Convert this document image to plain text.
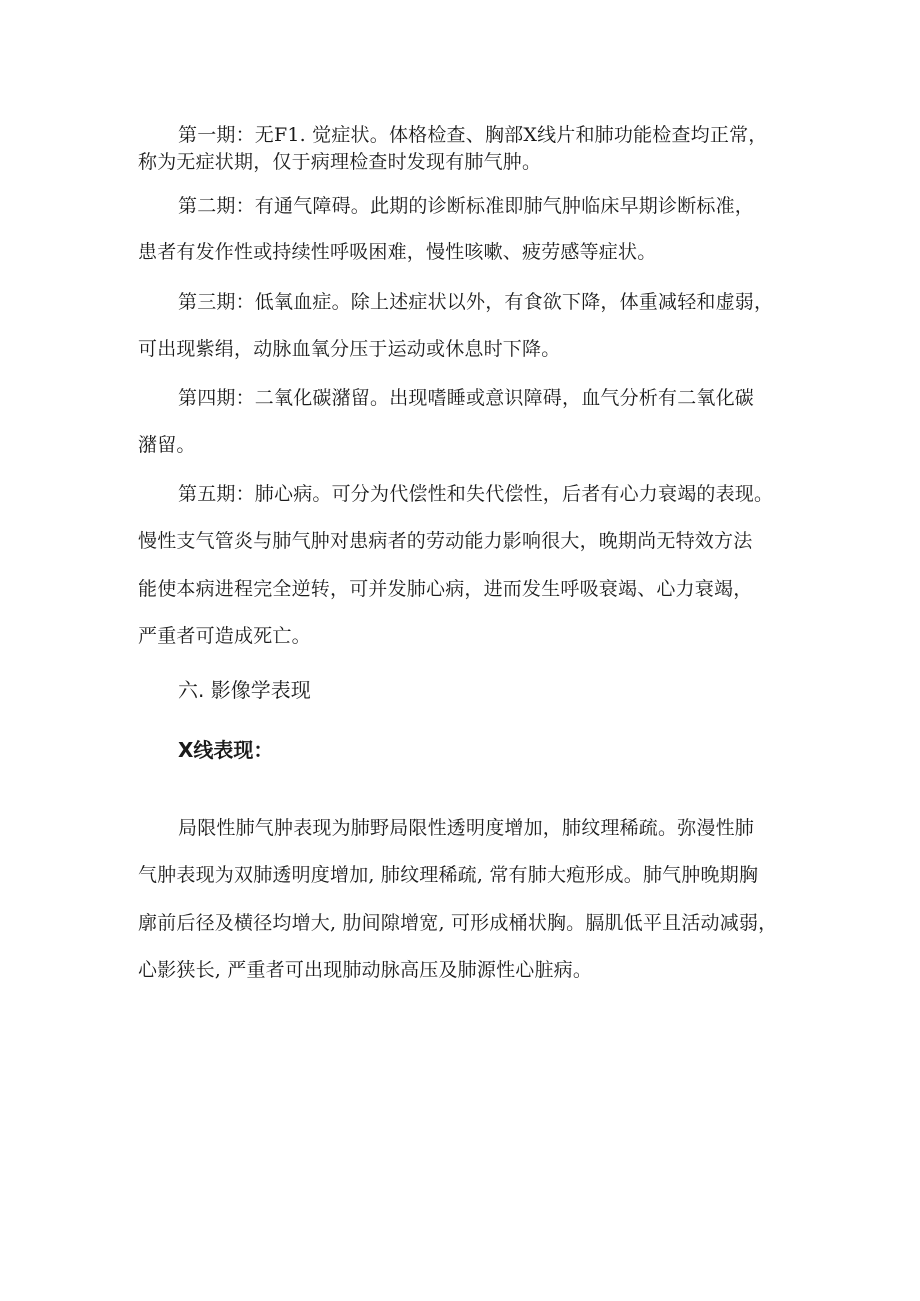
第一期：无F1. 觉症状。体格检查、胸部X线片和肺功能检查均正常，
称为无症状期，仅于病理检查时发现有肺气肿。
第二期：有通气障碍。此期的诊断标准即肺气肿临床早期诊断标准，
患者有发作性或持续性呼吸困难，慢性咳嗽、疲劳感等症状。
第三期：低氧血症。除上述症状以外，有食欲下降，体重减轻和虚弱，
可出现紫绢，动脉血氧分压于运动或休息时下降。
第四期：二氧化碳潴留。出现嗜睡或意识障碍，血气分析有二氧化碳
潴留。
第五期：肺心病。可分为代偿性和失代偿性，后者有心力衰竭的表现。
慢性支气管炎与肺气肿对患病者的劳动能力影响很大，晚期尚无特效方法
能使本病进程完全逆转，可并发肺心病，进而发生呼吸衰竭、心力衰竭，
严重者可造成死亡。
六. 影像学表现
X线表现：
局限性肺气肿表现为肺野局限性透明度增加，肺纹理稀疏。弥漫性肺
气肿表现为双肺透明度增加, 肺纹理稀疏, 常有肺大疱形成。肺气肿晚期胸
廓前后径及横径均增大, 肋间隙增宽, 可形成桶状胸。膈肌低平且活动减弱，
心影狭长, 严重者可出现肺动脉高压及肺源性心脏病。
